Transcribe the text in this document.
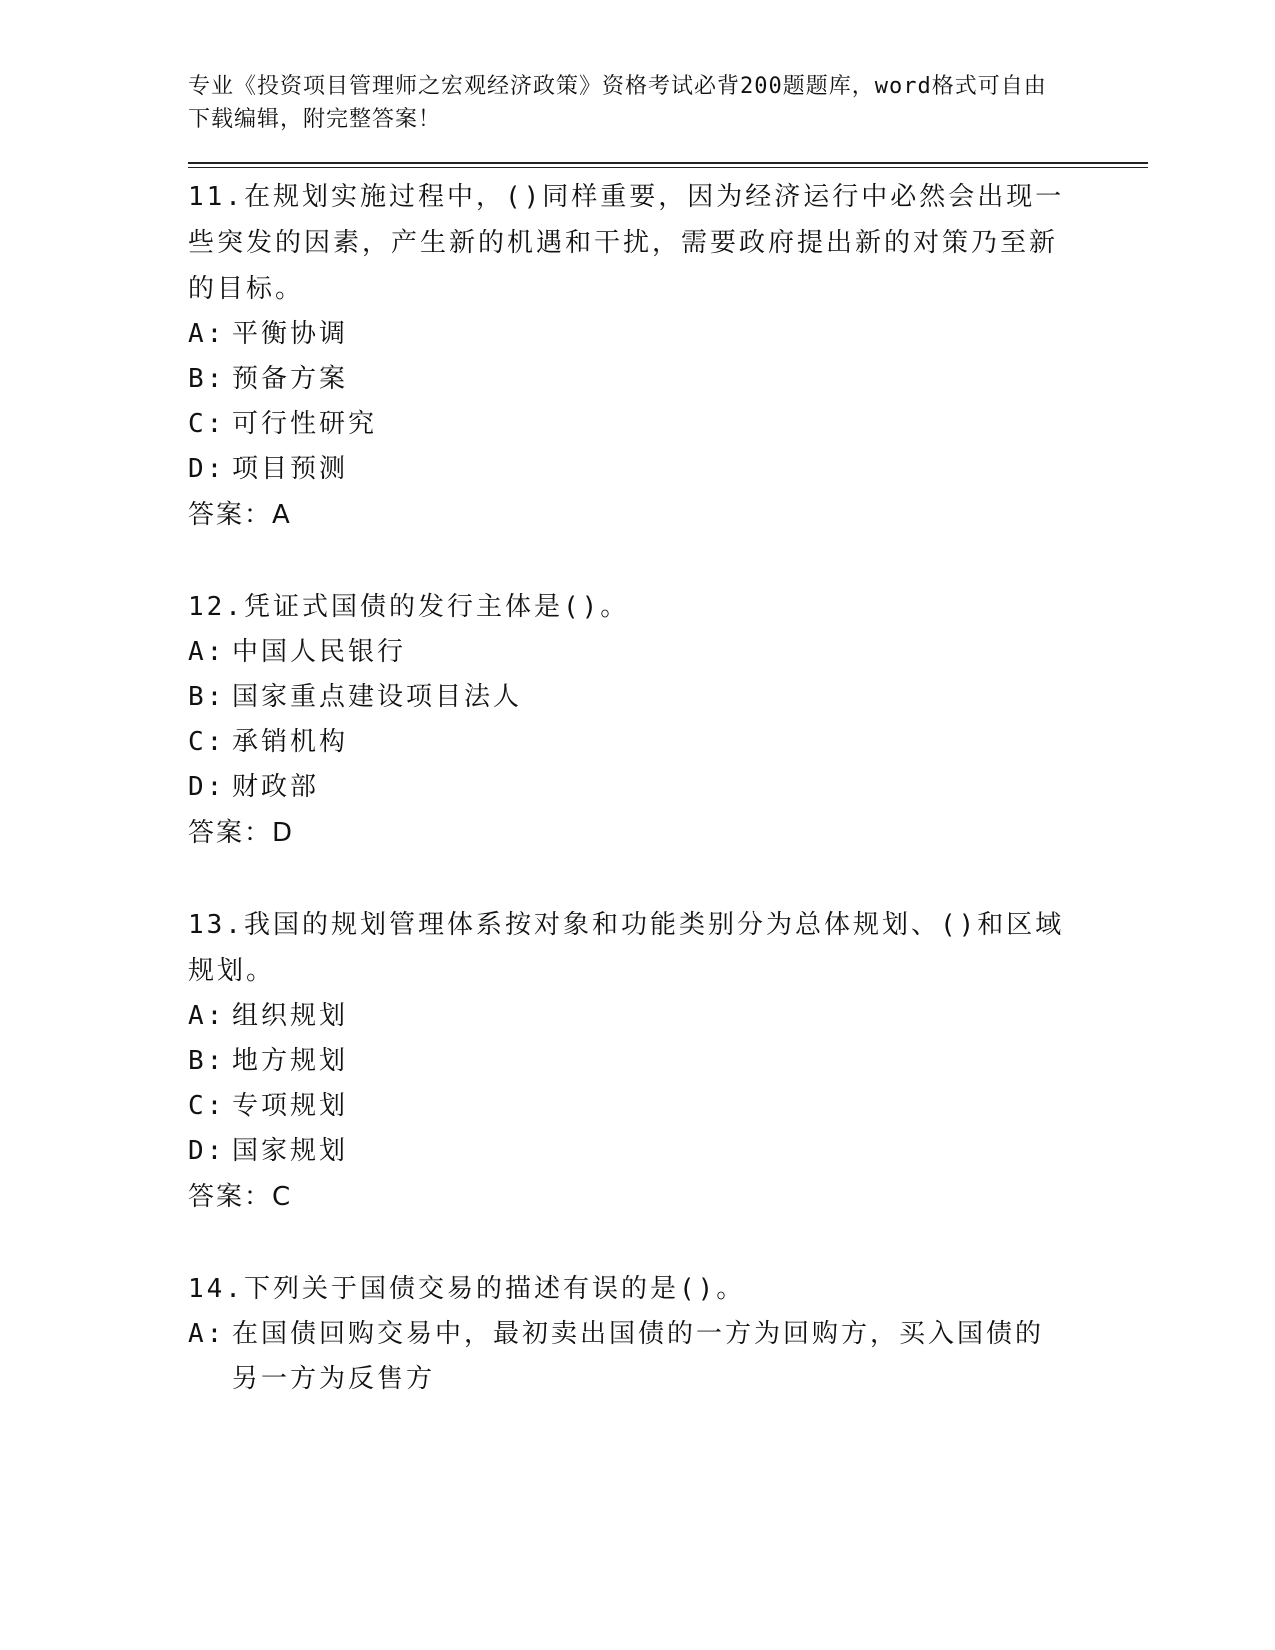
专业《投资项目管理师之宏观经济政策》资格考试必背200题题库，word格式可自由下载编辑，附完整答案！
11.在规划实施过程中，()同样重要，因为经济运行中必然会出现一些突发的因素，产生新的机遇和干扰，需要政府提出新的对策乃至新的目标。
A: 平衡协调
B: 预备方案
C: 可行性研究
D: 项目预测
答案：A
12.凭证式国债的发行主体是()。
A: 中国人民银行
B: 国家重点建设项目法人
C: 承销机构
D: 财政部
答案：D
13.我国的规划管理体系按对象和功能类别分为总体规划、()和区域规划。
A: 组织规划
B: 地方规划
C: 专项规划
D: 国家规划
答案：C
14.下列关于国债交易的描述有误的是()。
A: 在国债回购交易中，最初卖出国债的一方为回购方，买入国债的另一方为反售方
